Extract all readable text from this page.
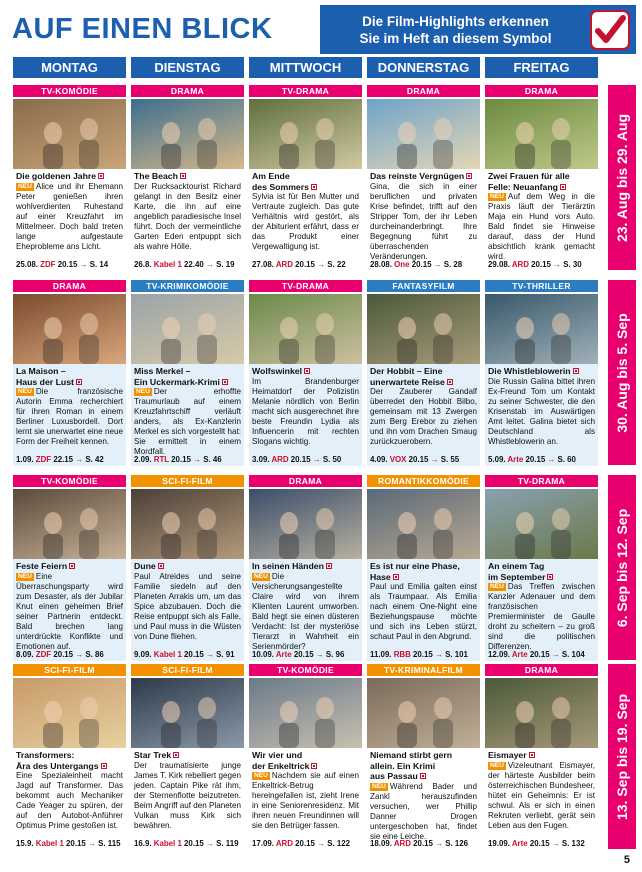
AUF EINEN BLICK	Die Film-Highlights erkennen
Sie im Heft an diesem Symbol
MONTAG	DIENSTAG	MITTWOCH	DONNERSTAG	FREITAG
TV-KOMÖDIE
Die goldenen Jahre
NEU Alice und ihr Ehemann Peter genießen ihren wohlverdienten Ruhestand auf einer Kreuzfahrt im Mittelmeer. Doch bald treten lange aufgestaute Eheprobleme ans Licht.
25.08. ZDF 20.15 → S. 14
DRAMA
The Beach
Der Rucksacktourist Richard gelangt in den Besitz einer Karte, die ihn auf eine angeblich paradiesische Insel führt. Doch der vermeintliche Garten Eden entpuppt sich als wahre Hölle.
26.8. Kabel 1 22.40 → S. 19
TV-DRAMA
Am Ende
des Sommers
Sylvia ist für Ben Mutter und Vertraute zugleich. Das gute Verhältnis wird gestört, als der Abiturient erfährt, dass er das Produkt einer Vergewaltigung ist.
27.08. ARD 20.15 → S. 22
DRAMA
Das reinste Vergnügen
Gina, die sich in einer beruflichen und privaten Krise befindet, trifft auf den Stripper Tom, der ihr Leben durcheinanderbringt. Ihre Begegnung führt zu überraschenden Veränderungen.
28.08. One 20.15 → S. 28
DRAMA
Zwei Frauen für alle
Felle: Neuanfang
NEU Auf dem Weg in die Praxis läuft der Tierärztin Maja ein Hund vors Auto. Bald findet sie Hinweise darauf, dass der Hund absichtlich krank gemacht wird.
29.08. ARD 20.15 → S. 30
23. Aug bis 29. Aug
DRAMA
La Maison –
Haus der Lust
NEU Die französische Autorin Emma recherchiert für ihren Roman in einem Berliner Luxusbordell. Dort lernt sie unerwartet eine neue Form der Freiheit kennen.
1.09. ZDF 22.15 → S. 42
TV-KRIMIKOMÖDIE
Miss Merkel –
Ein Uckermark-Krimi
NEU Der erhoffte Traumurlaub auf einem Kreuzfahrtschiff verläuft anders, als Ex-Kanzlerin Merkel es sich vorgestellt hat: Sie ermittelt in einem Mordfall.
2.09. RTL 20.15 → S. 46
TV-DRAMA
Wolfswinkel
Im Brandenburger Heimatdorf der Polizistin Melanie nördlich von Berlin macht sich ausgerechnet ihre beste Freundin Lydia als Influencerin mit rechten Slogans wichtig.
3.09. ARD 20.15 → S. 50
FANTASYFILM
Der Hobbit – Eine
unerwartete Reise
Der Zauberer Gandalf überredet den Hobbit Bilbo, gemeinsam mit 13 Zwergen zum Berg Erebor zu ziehen und ihn vom Drachen Smaug zurückzuerobern.
4.09. VOX 20.15 → S. 55
TV-THRILLER
Die Whistleblowerin
Die Russin Galina bittet ihren Ex-Freund Tom um Kontakt zu seiner Schwester, die den Krisenstab im Auswärtigen Amt leitet. Galina bietet sich Deutschland als Whistleblowerin an.
5.09. Arte 20.15 → S. 60
30. Aug bis 5. Sep
TV-KOMÖDIE
Feste Feiern
NEU Eine Überraschungsparty wird zum Desaster, als der Jubilar Knut einen geheimen Brief seiner Partnerin entdeckt. Bald brechen lang unterdrückte Konflikte und Emotionen auf.
8.09. ZDF 20.15 → S. 86
SCI-FI-FILM
Dune
Paul Atreides und seine Familie siedeln auf den Planeten Arrakis um, um das Spice abzubauen. Doch die Reise entpuppt sich als Falle, und Paul muss in die Wüsten von Dune fliehen.
9.09. Kabel 1 20.15 → S. 91
DRAMA
In seinen Händen
NEU Die Versicherungsangestellte Claire wird von ihrem Klienten Laurent umworben. Bald hegt sie einen düsteren Verdacht: Ist der mysteriöse Tierarzt in Wahrheit ein Serienmörder?
10.09. Arte 20.15 → S. 96
ROMANTIKKOMÖDIE
Es ist nur eine Phase,
Hase
Paul und Emilia galten einst als Traumpaar. Als Emilia nach einem One-Night eine Beziehungspause möchte und sich ins Leben stürzt, schaut Paul in den Abgrund.
11.09. RBB 20.15 → S. 101
TV-DRAMA
An einem Tag
im September
NEU Das Treffen zwischen Kanzler Adenauer und dem französischen Premierminister de Gaulle droht zu scheitern – zu groß sind die politischen Differenzen.
12.09. Arte 20.15 → S. 104
6. Sep bis 12. Sep
SCI-FI-FILM
Transformers:
Ära des Untergangs
Eine Spezialeinheit macht Jagd auf Transformer. Das bekommt auch Mechaniker Cade Yeager zu spüren, der auf den Autobot-Anführer Optimus Prime gestoßen ist.
15.9. Kabel 1 20.15 → S. 115
SCI-FI-FILM
Star Trek
Der traumatisierte junge James T. Kirk rebelliert gegen jeden. Captain Pike rät ihm, der Sternenflotte beizutreten. Beim Angriff auf den Planeten Vulkan muss Kirk sich bewähren.
16.9. Kabel 1 20.15 → S. 119
TV-KOMÖDIE
Wir vier und
der Enkeltrick
NEU Nachdem sie auf einen Enkeltrick-Betrug hereingefallen ist, zieht Irene in eine Seniorenresidenz. Mit ihren neuen Freundinnen will sie den Betrüger fassen.
17.09. ARD 20.15 → S. 122
TV-KRIMINALFILM
Niemand stirbt gern
allein. Ein Krimi
aus Passau
NEU Während Bader und Zankl herauszufinden versuchen, wer Phillip Danner Drogen untergeschoben hat, findet sie eine Leiche.
18.09. ARD 20.15 → S. 126
DRAMA
Eismayer
NEU Vizeleutnant Eismayer, der härteste Ausbilder beim österreichischen Bundesheer, hütet ein Geheimnis: Er ist schwul. Als er sich in einen Rekruten verliebt, gerät sein Leben aus den Fugen.
19.09. Arte 20.15 → S. 132
13. Sep bis 19. Sep
5
